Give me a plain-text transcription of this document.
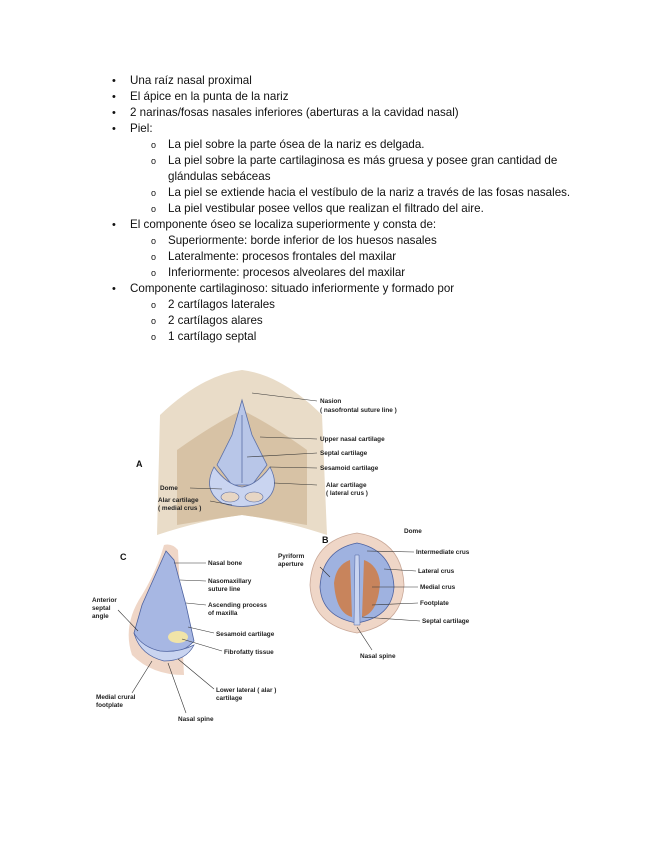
• Una raíz nasal proximal
• El ápice en la punta de la nariz
• 2 narinas/fosas nasales inferiores (aberturas a la cavidad nasal)
• Piel:
o La piel sobre la parte ósea de la nariz es delgada.
o La piel sobre la parte cartilaginosa es más gruesa y posee gran cantidad de glándulas sebáceas
o La piel se extiende hacia el vestíbulo de la nariz a través de las fosas nasales.
o La piel vestibular posee vellos que realizan el filtrado del aire.
• El componente óseo se localiza superiormente y consta de:
o Superiormente: borde inferior de los huesos nasales
o Lateralmente: procesos frontales del maxilar
o Inferiormente: procesos alveolares del maxilar
• Componente cartilaginoso: situado inferiormente y formado por
o 2 cartílagos laterales
o 2 cartílagos alares
o 1 cartílago septal
A
Nasion
( nasofrontal suture line )
Upper nasal cartilage
Septal cartilage
Sesamoid cartilage
Alar cartilage
( lateral crus )
Dome
Alar cartilage
( medial crus )
B
Dome
Pyriform
aperture
Intermediate crus
Lateral crus
Medial crus
Footplate
Septal cartilage
Nasal spine
C
Nasal bone
Nasomaxillary
suture line
Ascending process
of maxilla
Sesamoid cartilage
Fibrofatty tissue
Anterior
septal
angle
Lower lateral ( alar )
cartilage
Medial crural
footplate
Nasal spine
